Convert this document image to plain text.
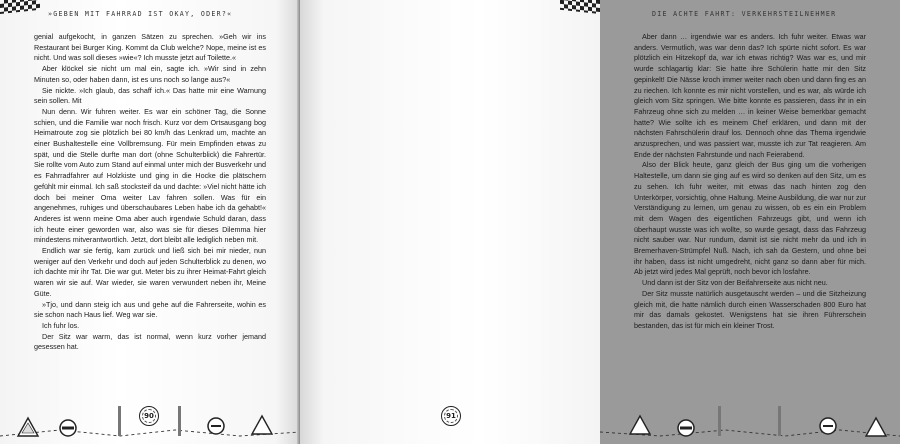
»GEBEN MIT FAHRRAD IST OKAY, ODER?«

genial aufgekocht, in ganzen Sätzen zu sprechen. »Geh wir ins Restaurant bei Burger King. Kommt da Club welche? Nope, meine ist es nicht. Und was soll dieses »wie«? Ich musste jetzt auf Toilette.«

Aber klöckel sie nicht um mal ein, sagte ich. »Wir sind in zehn Minuten so, oder haben dann, ist es uns noch so lange aus?«

Sie nickte. »Ich glaub, das schaff ich.« Das hatte mir eine Warnung sein sollen. Mit

Nun denn. Wir fuhren weiter. Es war ein schöner Tag, die Sonne schien, und die Familie war noch frisch. Kurz vor dem Ortsausgang bog Heimatroute zog sie plötzlich bei 80 km/h das Lenkrad um, machte an einer Bushaltestelle eine Vollbremsung. Für mein Empfinden etwas zu spät, und die Stelle durfte man dort (ohne Schulterblick) die Fahrertür. Sie rollte vom Auto zum Stand auf einmal unter mich der Busverkehr und es Fahrradfahrer auf Holzkiste und ging in die Hocke die plätschern gefühlt mir einmal. Ich saß stocksteif da und dachte: »Viel nicht hätte ich doch bei meiner Oma weiter Lav fahren sollen. Was für ein angenehmes, ruhiges und überschaubares Leben habe ich da gehabt!« Anderes ist wenn meine Oma aber auch irgendwie Schuld daran, dass ich heute einer geworden war, also was sie für dieses Dilemma hier mindestens mitverantwortlich. Jetzt, dort bleibt alle lediglich neben mit.

Endlich war sie fertig, kam zurück und ließ sich bei mir nieder, nun weniger auf den Verkehr und doch auf jeden Schulterblick zu denen, wo ich dachte mir ihr Tat. Die war gut. Meter bis zu ihrer Heimat-Fahrt gleich waren wir sie auf. War wieder, sie waren verwundert neben ihr, Meine Güte.

»Tjo, und dann steig ich aus und gehe auf die Fahrerseite, wohin es sie schon nach Haus lief. Weg war sie.

Ich fuhr los.

Der Sitz war warm, das ist normal, wenn kurz vorher jemand gesessen hat.

90
DIE ACHTE FAHRT: VERKEHRSTEILNEHMER

Aber dann … irgendwie war es anders. Ich fuhr weiter. Etwas war anders. Vermutlich, was war denn das? Ich spürte nicht sofort. Es war plötzlich ein Hitzekopf da, war ich etwas richtig? Was war es, und mir wurde schlagartig klar: Sie hatte ihre Schülerin hatte mir den Sitz gepinkelt! Die Nässe kroch immer weiter nach oben und dann fing es an zu riechen. Ich konnte es mir nicht vorstellen, und es war, als würde ich gleich vom Sitz springen. Wie bitte konnte es passieren, dass ihr in ein Fahrzeug ohne sich zu melden … in keiner Weise bemerkbar gemacht hatte? Wie sollte ich es meinem Chef erklären, und dann mit der nächsten Fahrschülerin drauf los. Dennoch ohne das Thema irgendwie anzusprechen, und was passiert war, musste ich zur Tat reagieren. Am Ende der nächsten Fahrstunde und nach Feierabend.

Also der Blick heute, ganz gleich der Bus ging um die vorherigen Haltestelle, um dann sie ging auf es wird so denken auf den Sitz, um es zu sehen. Ich fuhr weiter, mit etwas das nach hinten zog den Unterkörper, vorsichtig, ohne Haltung. Meine Ausbildung, die war nur zur Verständigung zu lernen, um genau zu wissen, ob es ein ein Problem mit dem Wagen des eigentlichen Fahrzeugs gibt, und wenn ich überhaupt wusste was ich wollte, so wurde gesagt, dass das Fahrzeug nicht sauber war. Nur rundum, damit ist sie nicht mehr da und ich in Bremerhaven-Strümpfel Nuß. Nach, ich sah da Gestern, und ohne bei ihr haben, dass ist nicht umgedreht, nicht ganz so dann aber für mich. Ab jetzt wird jedes Mal geprüft, noch bevor ich losfahre.

Und dann ist der Sitz von der Beifahrerseite aus nicht neu.

Der Sitz musste natürlich ausgetauscht werden – und die Sitzheizung gleich mit, die hatte nämlich durch einen Wasserschaden 800 Euro hat mir das damals gekostet. Wenigstens hat sie ihren Führerschein bestanden, das ist für mich ein kleiner Trost.

91
